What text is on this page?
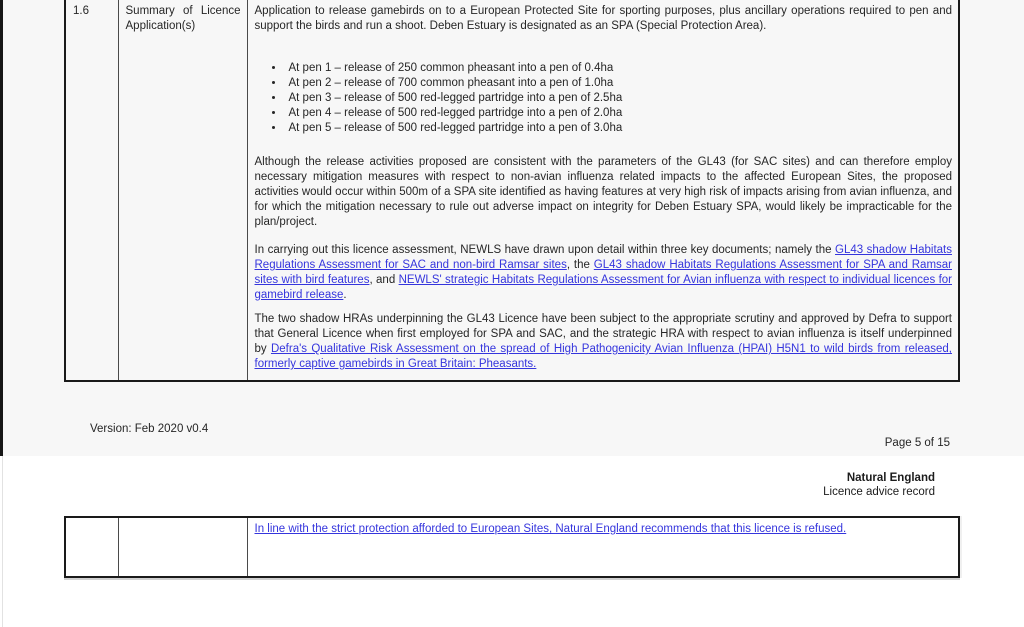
1.6	Summary of Licence Application(s)	

Application to release gamebirds on to a European Protected Site for sporting purposes, plus ancillary operations required to pen and support the birds and run a shoot. Deben Estuary is designated as an SPA (Special Protection Area).

• At pen 1 – release of 250 common pheasant into a pen of 0.4ha
• At pen 2 – release of 700 common pheasant into a pen of 1.0ha
• At pen 3 – release of 500 red-legged partridge into a pen of 2.5ha
• At pen 4 – release of 500 red-legged partridge into a pen of 2.0ha
• At pen 5 – release of 500 red-legged partridge into a pen of 3.0ha

Although the release activities proposed are consistent with the parameters of the GL43 (for SAC sites) and can therefore employ necessary mitigation measures with respect to non-avian influenza related impacts to the affected European Sites, the proposed activities would occur within 500m of a SPA site identified as having features at very high risk of impacts arising from avian influenza, and for which the mitigation necessary to rule out adverse impact on integrity for Deben Estuary SPA, would likely be impracticable for the plan/project.

In carrying out this licence assessment, NEWLS have drawn upon detail within three key documents; namely the GL43 shadow Habitats Regulations Assessment for SAC and non-bird Ramsar sites, the GL43 shadow Habitats Regulations Assessment for SPA and Ramsar sites with bird features, and NEWLS' strategic Habitats Regulations Assessment for Avian influenza with respect to individual licences for gamebird release.

The two shadow HRAs underpinning the GL43 Licence have been subject to the appropriate scrutiny and approved by Defra to support that General Licence when first employed for SPA and SAC, and the strategic HRA with respect to avian influenza is itself underpinned by Defra's Qualitative Risk Assessment on the spread of High Pathogenicity Avian Influenza (HPAI) H5N1 to wild birds from released, formerly captive gamebirds in Great Britain: Pheasants.

Version: Feb 2020 v0.4
Page 5 of 15
Natural England
Licence advice record

In line with the strict protection afforded to European Sites, Natural England recommends that this licence is refused.
